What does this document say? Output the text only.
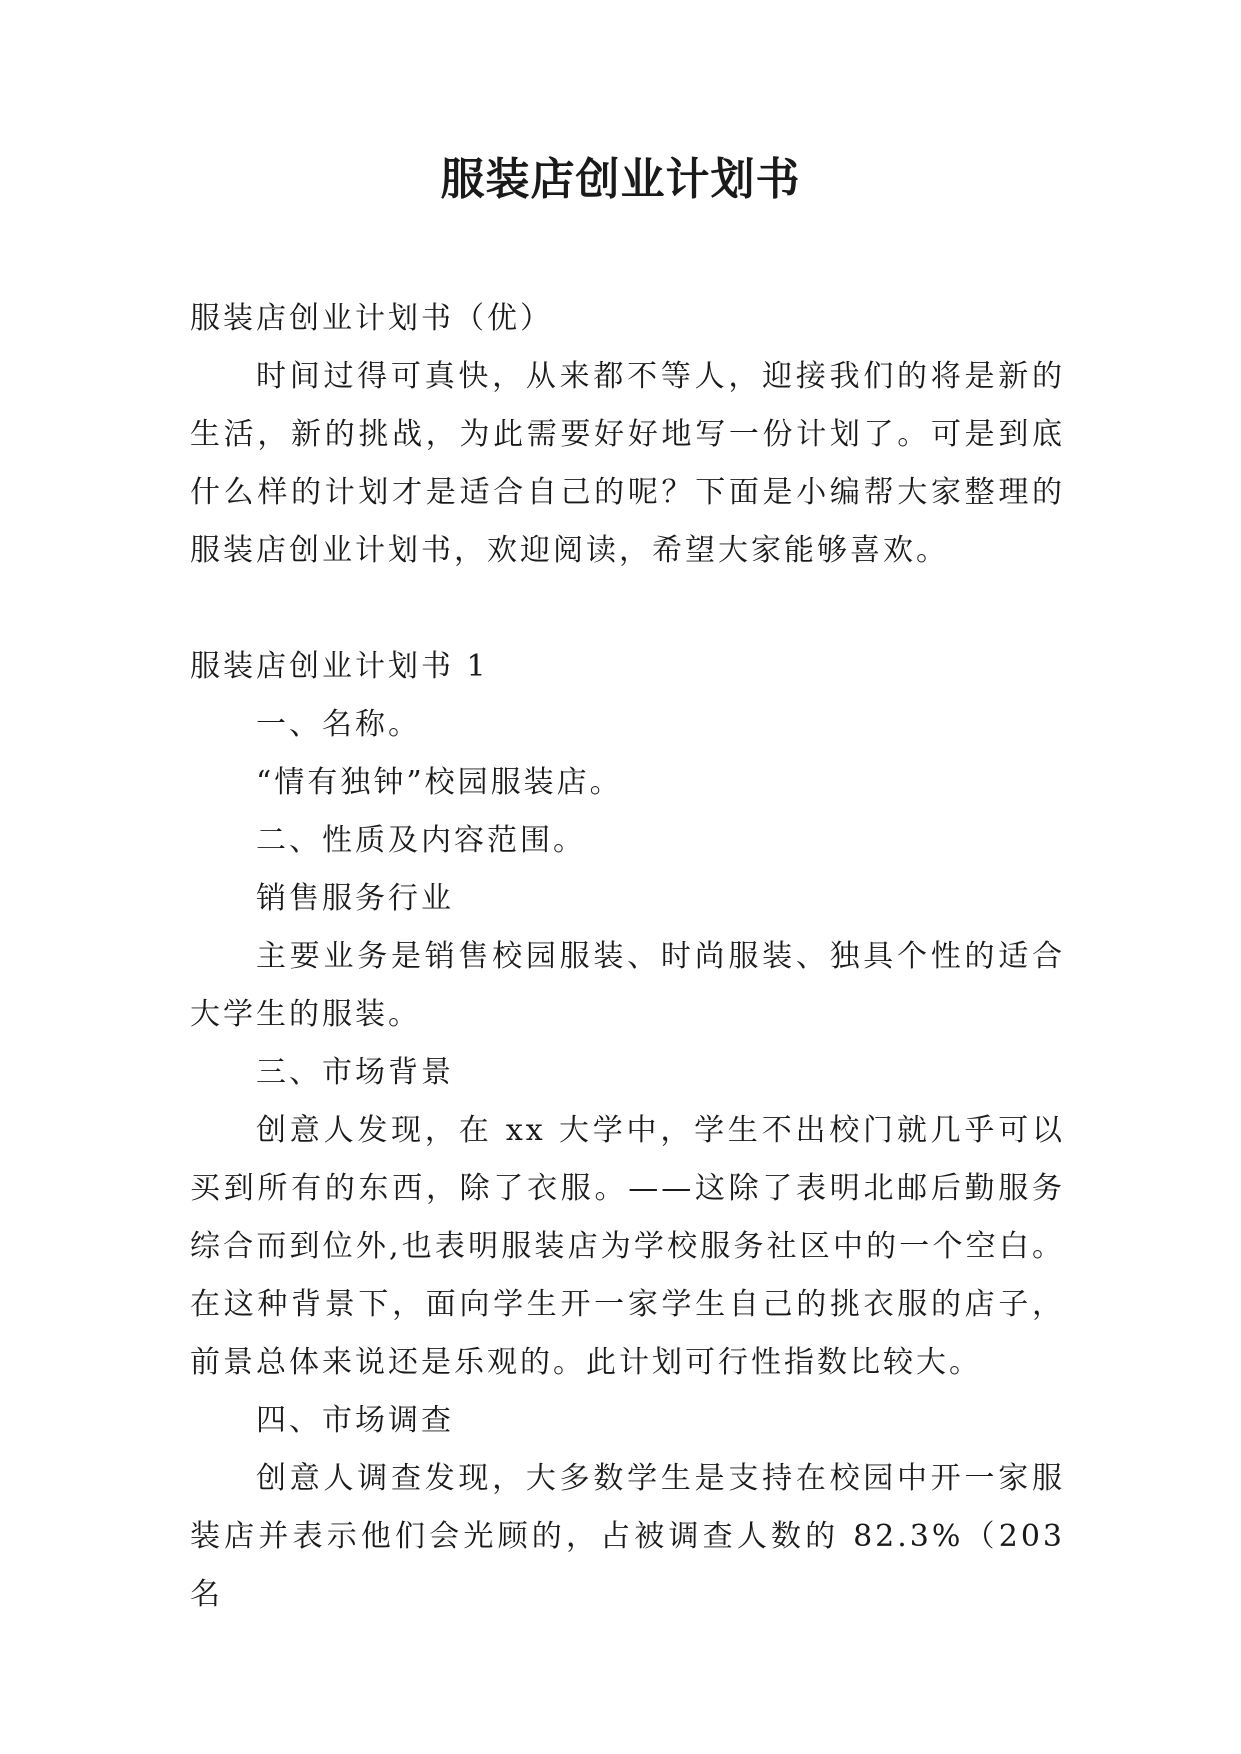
服装店创业计划书

服装店创业计划书（优）

时间过得可真快，从来都不等人，迎接我们的将是新的生活，新的挑战，为此需要好好地写一份计划了。可是到底什么样的计划才是适合自己的呢？下面是小编帮大家整理的服装店创业计划书，欢迎阅读，希望大家能够喜欢。

服装店创业计划书 1

一、名称。

“情有独钟”校园服装店。

二、性质及内容范围。

销售服务行业

主要业务是销售校园服装、时尚服装、独具个性的适合大学生的服装。

三、市场背景

创意人发现，在 xx 大学中，学生不出校门就几乎可以买到所有的东西，除了衣服。——这除了表明北邮后勤服务综合而到位外,也表明服装店为学校服务社区中的一个空白。在这种背景下，面向学生开一家学生自己的挑衣服的店子，前景总体来说还是乐观的。此计划可行性指数比较大。

四、市场调查

创意人调查发现，大多数学生是支持在校园中开一家服装店并表示他们会光顾的，占被调查人数的 82.3%（203 名
